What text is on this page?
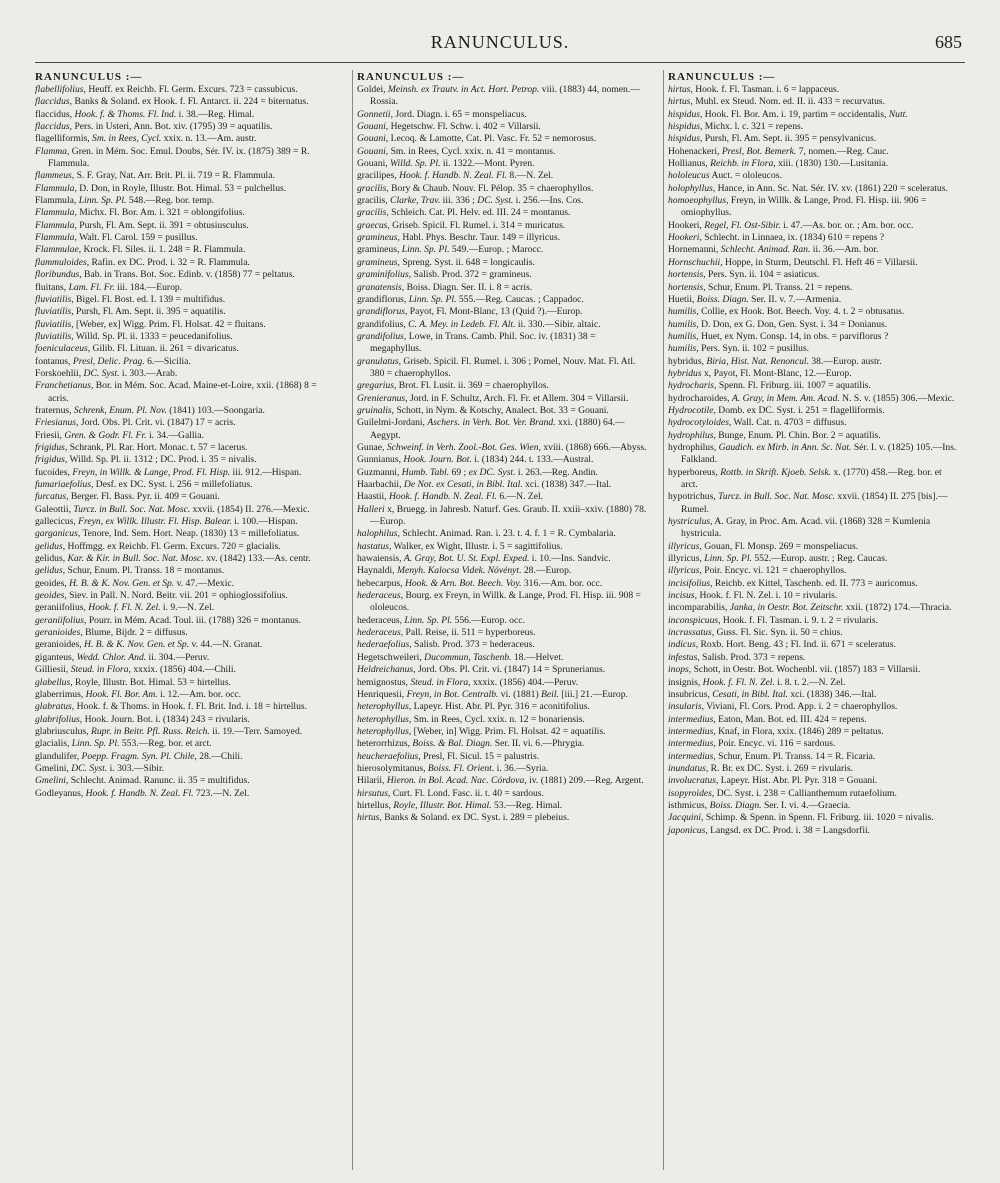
RANUNCULUS.	685
RANUNCULUS :—
flabellifolius, Heuff. ex Reichb. Fl. Germ. Excurs. 723 = cassubicus.
flaccidus, Banks & Soland. ex Hook. f. Fl. Antarct. ii. 224 = biternatus.
flaccidus, Hook. f. & Thoms. Fl. Ind. i. 38.—Reg. Himal.
flaccidus, Pers. in Usteri, Ann. Bot. xiv. (1795) 39 = aquatilis.
flagelliformis, Sm. in Rees, Cycl. xxix. n. 13.—Am. austr.
Flamma, Gren. in Mém. Soc. Emul. Doubs, Sér. IV. ix. (1875) 389 = R. Flammula.
flammeus, S. F. Gray, Nat. Arr. Brit. Pl. ii. 719 = R. Flammula.
Flammula, D. Don, in Royle, Illustr. Bot. Himal. 53 = pulchellus.
Flammula, Linn. Sp. Pl. 548.—Reg. bor. temp.
Flammula, Michx. Fl. Bor. Am. i. 321 = oblongifolius.
Flammula, Pursh, Fl. Am. Sept. ii. 391 = obtusiusculus.
Flammula, Walt. Fl. Carol. 159 = pusillus.
Flammulae, Krock. Fl. Siles. ii. 1. 248 = R. Flammula.
flammuloides, Rafin. ex DC. Prod. i. 32 = R. Flammula.
floribundus, Bab. in Trans. Bot. Soc. Edinb. v. (1858) 77 = peltatus.
fluitans, Lam. Fl. Fr. iii. 184.—Europ.
fluviatilis, Bigel. Fl. Bost. ed. I. 139 = multifidus.
fluviatilis, Pursh, Fl. Am. Sept. ii. 395 = aquatilis.
fluviatilis, [Weber, ex] Wigg. Prim. Fl. Holsat. 42 = fluitans.
fluviatilis, Willd. Sp. Pl. ii. 1333 = peucedanifolius.
foeniculaceus, Gilib. Fl. Lituan. ii. 261 = divaricatus.
fontanus, Presl, Delic. Prag. 6.—Sicilia.
Forskoehlii, DC. Syst. i. 303.—Arab.
Franchetianus, Bor. in Mém. Soc. Acad. Maine-et-Loire, xxii. (1868) 8 = acris.
fraternus, Schrenk, Enum. Pl. Nov. (1841) 103.—Soongaria.
Friesianus, Jord. Obs. Pl. Crit. vi. (1847) 17 = acris.
Friesii, Gren. & Godr. Fl. Fr. i. 34.—Gallia.
frigidus, Schrank, Pl. Rar. Hort. Monac. t. 57 = lacerus.
frigidus, Willd. Sp. Pl. ii. 1312 ; DC. Prod. i. 35 = nivalis.
fucoides, Freyn, in Willk. & Lange, Prod. Fl. Hisp. iii. 912.—Hispan.
fumariaefolius, Desf. ex DC. Syst. i. 256 = millefoliatus.
furcatus, Berger. Fl. Bass. Pyr. ii. 409 = Gouani.
Galeottii, Turcz. in Bull. Soc. Nat. Mosc. xxvii. (1854) II. 276.—Mexic.
gallecicus, Freyn, ex Willk. Illustr. Fl. Hisp. Balear. i. 100.—Hispan.
garganicus, Tenore, Ind. Sem. Hort. Neap. (1830) 13 = millefoliatus.
gelidus, Hoffmgg. ex Reichb. Fl. Germ. Excurs. 720 = glacialis.
gelidus, Kar. & Kir. in Bull. Soc. Nat. Mosc. xv. (1842) 133.—As. centr.
gelidus, Schur, Enum. Pl. Transs. 18 = montanus.
geoides, H. B. & K. Nov. Gen. et Sp. v. 47.—Mexic.
geoides, Siev. in Pall. N. Nord. Beitr. vii. 201 = ophioglossifolius.
geraniifolius, Hook. f. Fl. N. Zel. i. 9.—N. Zel.
geraniifolius, Pourr. in Mém. Acad. Toul. iii. (1788) 326 = montanus.
geranioides, Blume, Bijdr. 2 = diffusus.
geranioides, H. B. & K. Nov. Gen. et Sp. v. 44.—N. Granat.
giganteus, Wedd. Chlor. And. ii. 304.—Peruv.
Gilliesii, Steud. in Flora, xxxix. (1856) 404.—Chili.
glabellus, Royle, Illustr. Bot. Himal. 53 = hirtellus.
glaberrimus, Hook. Fl. Bor. Am. i. 12.—Am. bor. occ.
glabratus, Hook. f. & Thoms. in Hook. f. Fl. Brit. Ind. i. 18 = hirtellus.
glabrifolius, Hook. Journ. Bot. i. (1834) 243 = rivularis.
glabriusculus, Rupr. in Beitr. Pfl. Russ. Reich. ii. 19.—Terr. Samoyed.
glacialis, Linn. Sp. Pl. 553.—Reg. bor. et arct.
glandulifer, Poepp. Fragm. Syn. Pl. Chile, 28.—Chili.
Gmelini, DC. Syst. i. 303.—Sibir.
Gmelini, Schlecht. Animad. Ranunc. ii. 35 = multifidus.
Godleyanus, Hook. f. Handb. N. Zeal. Fl. 723.—N. Zel.
RANUNCULUS :—
Goldei, Meinsh. ex Trautv. in Act. Hort. Petrop. viii. (1883) 44, nomen.—Rossia.
Gonnetii, Jord. Diagn. i. 65 = monspeliacus.
Gouani, Hegetschw. Fl. Schw. i. 402 = Villarsii.
Gouani, Lecoq. & Lamotte, Cat. Pl. Vasc. Fr. 52 = nemorosus.
Gouani, Sm. in Rees, Cycl. xxix. n. 41 = montanus.
Gouani, Willd. Sp. Pl. ii. 1322.—Mont. Pyren.
gracilipes, Hook. f. Handb. N. Zeal. Fl. 8.—N. Zel.
gracilis, Bory & Chaub. Nouv. Fl. Pélop. 35 = chaerophyllos.
gracilis, Clarke, Trav. iii. 336 ; DC. Syst. i. 256.—Ins. Cos.
gracilis, Schleich. Cat. Pl. Helv. ed. III. 24 = montanus.
graecus, Griseb. Spicil. Fl. Rumel. i. 314 = muricatus.
gramineus, Habl. Phys. Beschr. Taur. 149 = illyricus.
gramineus, Linn. Sp. Pl. 549.—Europ. ; Marocc.
gramineus, Spreng. Syst. ii. 648 = longicaulis.
graminifolius, Salisb. Prod. 372 = gramineus.
granatensis, Boiss. Diagn. Ser. II. i. 8 = acris.
grandiflorus, Linn. Sp. Pl. 555.—Reg. Caucas. ; Cappadoc.
grandiflorus, Payot, Fl. Mont-Blanc, 13 (Quid ?).—Europ.
grandifolius, C. A. Mey. in Ledeb. Fl. Alt. ii. 330.—Sibir. altaic.
grandifolius, Lowe, in Trans. Camb. Phil. Soc. iv. (1831) 38 = megaphyllus.
granulatus, Griseb. Spicil. Fl. Rumel. i. 306 ; Pomel, Nouv. Mat. Fl. Atl. 380 = chaerophyllos.
gregarius, Brot. Fl. Lusit. ii. 369 = chaerophyllos.
Grenieranus, Jord. in F. Schultz, Arch. Fl. Fr. et Allem. 304 = Villarsii.
gruinalis, Schott, in Nym. & Kotschy, Analect. Bot. 33 = Gouani.
Guilelmi-Jordani, Aschers. in Verh. Bot. Ver. Brand. xxi. (1880) 64.—Aegypt.
Gunae, Schweinf. in Verh. Zool.-Bot. Ges. Wien, xviii. (1868) 666.—Abyss.
Gunnianus, Hook. Journ. Bot. i. (1834) 244. t. 133.—Austral.
Guzmanni, Humb. Tabl. 69 ; ex DC. Syst. i. 263.—Reg. Andin.
Haarbachii, De Not. ex Cesati, in Bibl. Ital. xci. (1838) 347.—Ital.
Haastii, Hook. f. Handb. N. Zeal. Fl. 6.—N. Zel.
Halleri x, Bruegg. in Jahresb. Naturf. Ges. Graub. II. xxiii–xxiv. (1880) 78.—Europ.
halophilus, Schlecht. Animad. Ran. i. 23. t. 4. f. 1 = R. Cymbalaria.
hastatus, Walker, ex Wight, Illustr. i. 5 = sagittifolius.
hawaiensis, A. Gray, Bot. U. St. Expl. Exped. i. 10.—Ins. Sandvic.
Haynaldi, Menyh. Kalocsa Videk. Növényt. 28.—Europ.
hebecarpus, Hook. & Arn. Bot. Beech. Voy. 316.—Am. bor. occ.
hederaceus, Bourg. ex Freyn, in Willk. & Lange, Prod. Fl. Hisp. iii. 908 = ololeucos.
hederaceus, Linn. Sp. Pl. 556.—Europ. occ.
hederaceus, Pall. Reise, ii. 511 = hyperboreus.
hederaefolius, Salisb. Prod. 373 = hederaceus.
Hegetschweileri, Ducommun, Taschenb. 18.—Helvet.
Heldreichanus, Jord. Obs. Pl. Crit. vi. (1847) 14 = Sprunerianus.
hemignostus, Steud. in Flora, xxxix. (1856) 404.—Peruv.
Henriquesii, Freyn, in Bot. Centralb. vi. (1881) Beil. [iii.] 21.—Europ.
heterophyllus, Lapeyr. Hist. Abr. Pl. Pyr. 316 = aconitifolius.
heterophyllus, Sm. in Rees, Cycl. xxix. n. 12 = bonariensis.
heterophyllus, [Weber, in] Wigg. Prim. Fl. Holsat. 42 = aquatilis.
heterorrhizus, Boiss. & Bal. Diagn. Ser. II. vi. 6.—Phrygia.
heucheraefolius, Presl, Fl. Sicul. 15 = palustris.
hierosolymitanus, Boiss. Fl. Orient. i. 36.—Syria.
Hilarii, Hieron. in Bol. Acad. Nac. Córdova, iv. (1881) 209.—Reg. Argent.
hirsutus, Curt. Fl. Lond. Fasc. ii. t. 40 = sardous.
hirtellus, Royle, Illustr. Bot. Himal. 53.—Reg. Himal.
hirtus, Banks & Soland. ex DC. Syst. i. 289 = plebeius.
RANUNCULUS :—
hirtus, Hook. f. Fl. Tasman. i. 6 = lappaceus.
hirtus, Muhl. ex Steud. Nom. ed. II. ii. 433 = recurvatus.
hispidus, Hook. Fl. Bor. Am. i. 19, partim = occidentalis, Nutt.
hispidus, Michx. l. c. 321 = repens.
hispidus, Pursh, Fl. Am. Sept. ii. 395 = pensylvanicus.
Hohenackeri, Presl, Bot. Bemerk. 7, nomen.—Reg. Cauc.
Hollianus, Reichb. in Flora, xiii. (1830) 130.—Lusitania.
hololeucus Auct. = ololeucos.
holophyllus, Hance, in Ann. Sc. Nat. Sér. IV. xv. (1861) 220 = sceleratus.
homoeophyllus, Freyn, in Willk. & Lange, Prod. Fl. Hisp. iii. 906 = omiophyllus.
Hookeri, Regel, Fl. Ost-Sibir. i. 47.—As. bor. or. ; Am. bor. occ.
Hookeri, Schlecht. in Linnaea, ix. (1834) 610 = repens ?
Hornemanni, Schlecht. Animad. Ran. ii. 36.—Am. bor.
Hornschuchii, Hoppe, in Sturm, Deutschl. Fl. Heft 46 = Villarsii.
hortensis, Pers. Syn. ii. 104 = asiaticus.
hortensis, Schur, Enum. Pl. Transs. 21 = repens.
Huetii, Boiss. Diagn. Ser. II. v. 7.—Armenia.
humilis, Collie, ex Hook. Bot. Beech. Voy. 4. t. 2 = obtusatus.
humilis, D. Don, ex G. Don, Gen. Syst. i. 34 = Donianus.
humilis, Huet, ex Nym. Consp. 14, in obs. = parviflorus ?
humilis, Pers. Syn. ii. 102 = pusillus.
hybridus, Biria, Hist. Nat. Renoncul. 38.—Europ. austr.
hybridus x, Payot, Fl. Mont-Blanc, 12.—Europ.
hydrocharis, Spenn. Fl. Friburg. iii. 1007 = aquatilis.
hydrocharoides, A. Gray, in Mem. Am. Acad. N. S. v. (1855) 306.—Mexic.
Hydrocotile, Domb. ex DC. Syst. i. 251 = flagelliformis.
hydrocotyloides, Wall. Cat. n. 4703 = diffusus.
hydrophilus, Bunge, Enum. Pl. Chin. Bor. 2 = aquatilis.
hydrophilus, Gaudich. ex Mirb. in Ann. Sc. Nat. Sér. I. v. (1825) 105.—Ins. Falkland.
hyperboreus, Rottb. in Skrift. Kjoeb. Selsk. x. (1770) 458.—Reg. bor. et arct.
hypotrichus, Turcz. in Bull. Soc. Nat. Mosc. xxvii. (1854) II. 275 [bis].—Rumel.
hystriculus, A. Gray, in Proc. Am. Acad. vii. (1868) 328 = Kumlenia hystricula.
illyricus, Gouan, Fl. Monsp. 269 = monspeliacus.
illyricus, Linn. Sp. Pl. 552.—Europ. austr. ; Reg. Caucas.
illyricus, Poir. Encyc. vi. 121 = chaerophyllos.
incisifolius, Reichb. ex Kittel, Taschenb. ed. II. 773 = auricomus.
incisus, Hook. f. Fl. N. Zel. i. 10 = rivularis.
incomparabilis, Janka, in Oestr. Bot. Zeitschr. xxii. (1872) 174.—Thracia.
inconspicuus, Hook. f. Fl. Tasman. i. 9. t. 2 = rivularis.
incrassatus, Guss. Fl. Sic. Syn. ii. 50 = chius.
indicus, Roxb. Hort. Beng. 43 ; Fl. Ind. ii. 671 = sceleratus.
infestus, Salisb. Prod. 373 = repens.
inops, Schott, in Oestr. Bot. Wochenbl. vii. (1857) 183 = Villarsii.
insignis, Hook. f. Fl. N. Zel. i. 8. t. 2.—N. Zel.
insubricus, Cesati, in Bibl. Ital. xci. (1838) 346.—Ital.
insularis, Viviani, Fl. Cors. Prod. App. i. 2 = chaerophyllos.
intermedius, Eaton, Man. Bot. ed. III. 424 = repens.
intermedius, Knaf, in Flora, xxix. (1846) 289 = peltatus.
intermedius, Poir. Encyc. vi. 116 = sardous.
intermedius, Schur, Enum. Pl. Transs. 14 = R. Ficaria.
inundatus, R. Br. ex DC. Syst. i. 269 = rivularis.
involucratus, Lapeyr. Hist. Abr. Pl. Pyr. 318 = Gouani.
isopyroides, DC. Syst. i. 238 = Callianthemum rutaefolium.
isthmicus, Boiss. Diagn. Ser. I. vi. 4.—Graecia.
Jacquini, Schimp. & Spenn. in Spenn. Fl. Friburg. iii. 1020 = nivalis.
japonicus, Langsd. ex DC. Prod. i. 38 = Langsdorfii.
